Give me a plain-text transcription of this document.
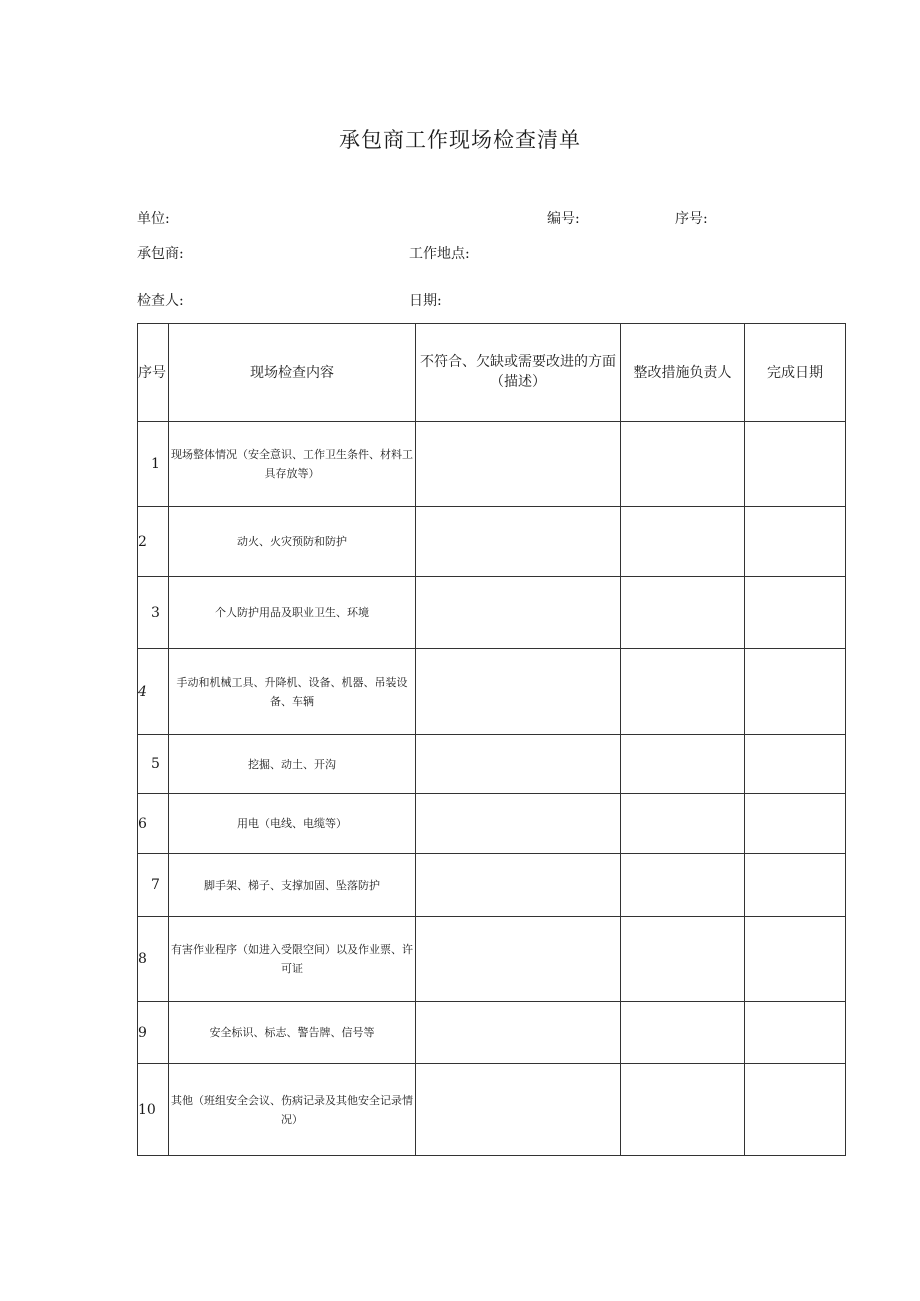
承包商工作现场检查清单
单位:	编号:	序号:
承包商:	工作地点:
检查人:	日期:
序号	现场检查内容	不符合、欠缺或需要改进的方面（描述）	整改措施负责人	完成日期
1	现场整体情况（安全意识、工作卫生条件、材料工具存放等）			
2	动火、火灾预防和防护			
3	个人防护用品及职业卫生、环境			
4	手动和机械工具、升降机、设备、机器、吊装设备、车辆			
5	挖掘、动土、开沟			
6	用电（电线、电缆等）			
7	脚手架、梯子、支撑加固、坠落防护			
8	有害作业程序（如进入受限空间）以及作业票、许可证			
9	安全标识、标志、警告牌、信号等			
10	其他（班组安全会议、伤病记录及其他安全记录情况）			
